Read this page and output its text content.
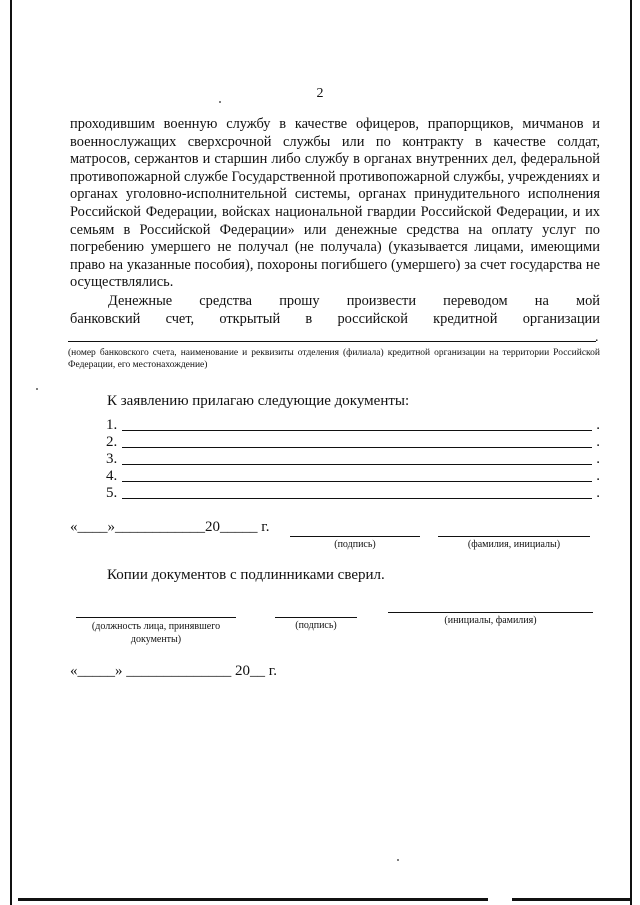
2
проходившим военную службу в качестве офицеров, прапорщиков, мичманов и военнослужащих сверхсрочной службы или по контракту в качестве солдат, матросов, сержантов и старшин либо службу в органах внутренних дел, федеральной противопожарной службе Государственной противопожарной службы, учреждениях и органах уголовно-исполнительной системы, органах принудительного исполнения Российской Федерации, войсках национальной гвардии Российской Федерации, и их семьям в Российской Федерации» или денежные средства на оплату услуг по погребению умершего не получал (не получала) (указывается лицами, имеющими право на указанные пособия), похороны погибшего (умершего) за счет государства не осуществлялись.
Денежные средства прошу произвести переводом на мой
банковский счет, открытый в российской кредитной организации
.
(номер банковского счета, наименование и реквизиты отделения (филиала) кредитной организации на территории Российской Федерации, его местонахождение)
К заявлению прилагаю следующие документы:
1.	.
2.	.
3.	.
4.	.
5.	.
«____»____________20_____ г.
(подпись)	(фамилия, инициалы)
Копии документов с подлинниками сверил.
(должность лица, принявшего документы)
(подпись)	(инициалы, фамилия)
«_____» ______________ 20__ г.
